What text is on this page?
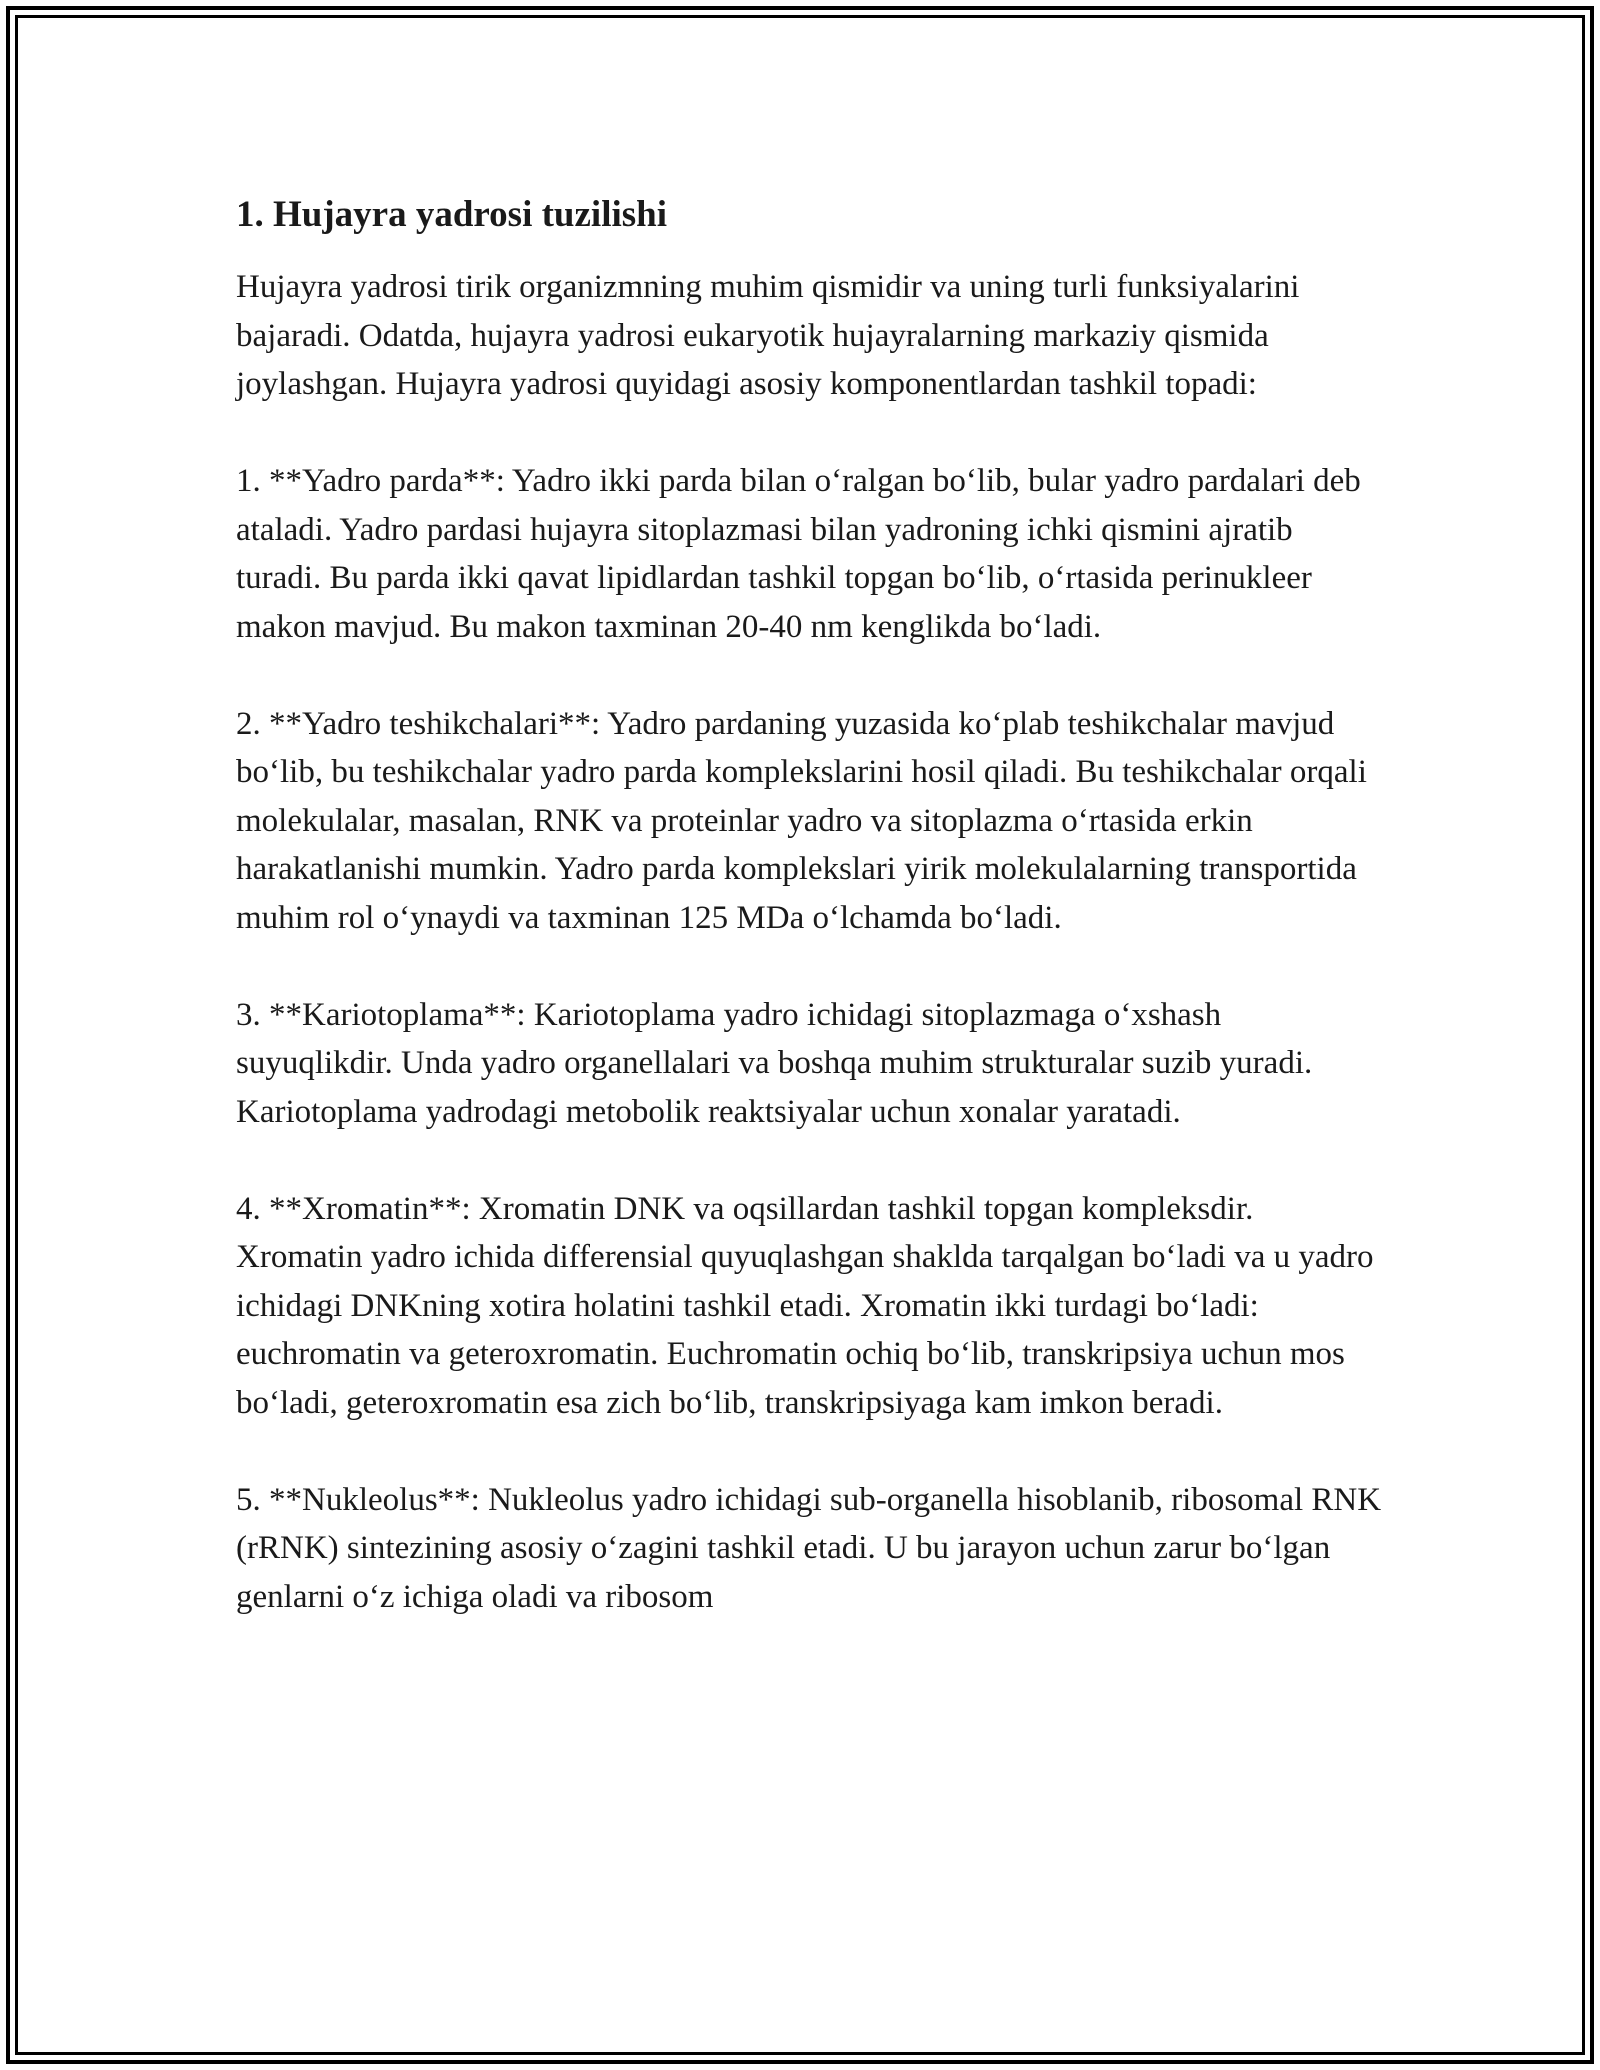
1. Hujayra yadrosi tuzilishi

Hujayra yadrosi tirik organizmning muhim qismidir va uning turli funksiyalarini bajaradi. Odatda, hujayra yadrosi eukaryotik hujayralarning markaziy qismida joylashgan. Hujayra yadrosi quyidagi asosiy komponentlardan tashkil topadi:

1. **Yadro parda**: Yadro ikki parda bilan o‘ralgan bo‘lib, bular yadro pardalari deb ataladi. Yadro pardasi hujayra sitoplazmasi bilan yadroning ichki qismini ajratib turadi. Bu parda ikki qavat lipidlardan tashkil topgan bo‘lib, o‘rtasida perinukleer makon mavjud. Bu makon taxminan 20-40 nm kenglikda bo‘ladi.

2. **Yadro teshikchalari**: Yadro pardaning yuzasida ko‘plab teshikchalar mavjud bo‘lib, bu teshikchalar yadro parda komplekslarini hosil qiladi. Bu teshikchalar orqali molekulalar, masalan, RNK va proteinlar yadro va sitoplazma o‘rtasida erkin harakatlanishi mumkin. Yadro parda komplekslari yirik molekulalarning transportida muhim rol o‘ynaydi va taxminan 125 MDa o‘lchamda bo‘ladi.

3. **Kariotoplama**: Kariotoplama yadro ichidagi sitoplazmaga o‘xshash suyuqlikdir. Unda yadro organellalari va boshqa muhim strukturalar suzib yuradi. Kariotoplama yadrodagi metobolik reaktsiyalar uchun xonalar yaratadi.

4. **Xromatin**: Xromatin DNK va oqsillardan tashkil topgan kompleksdir. Xromatin yadro ichida differensial quyuqlashgan shaklda tarqalgan bo‘ladi va u yadro ichidagi DNKning xotira holatini tashkil etadi. Xromatin ikki turdagi bo‘ladi: euchromatin va geteroxromatin. Euchromatin ochiq bo‘lib, transkripsiya uchun mos bo‘ladi, geteroxromatin esa zich bo‘lib, transkripsiyaga kam imkon beradi.

5. **Nukleolus**: Nukleolus yadro ichidagi sub-organella hisoblanib, ribosomal RNK (rRNK) sintezining asosiy o‘zagini tashkil etadi. U bu jarayon uchun zarur bo‘lgan genlarni o‘z ichiga oladi va ribosom
